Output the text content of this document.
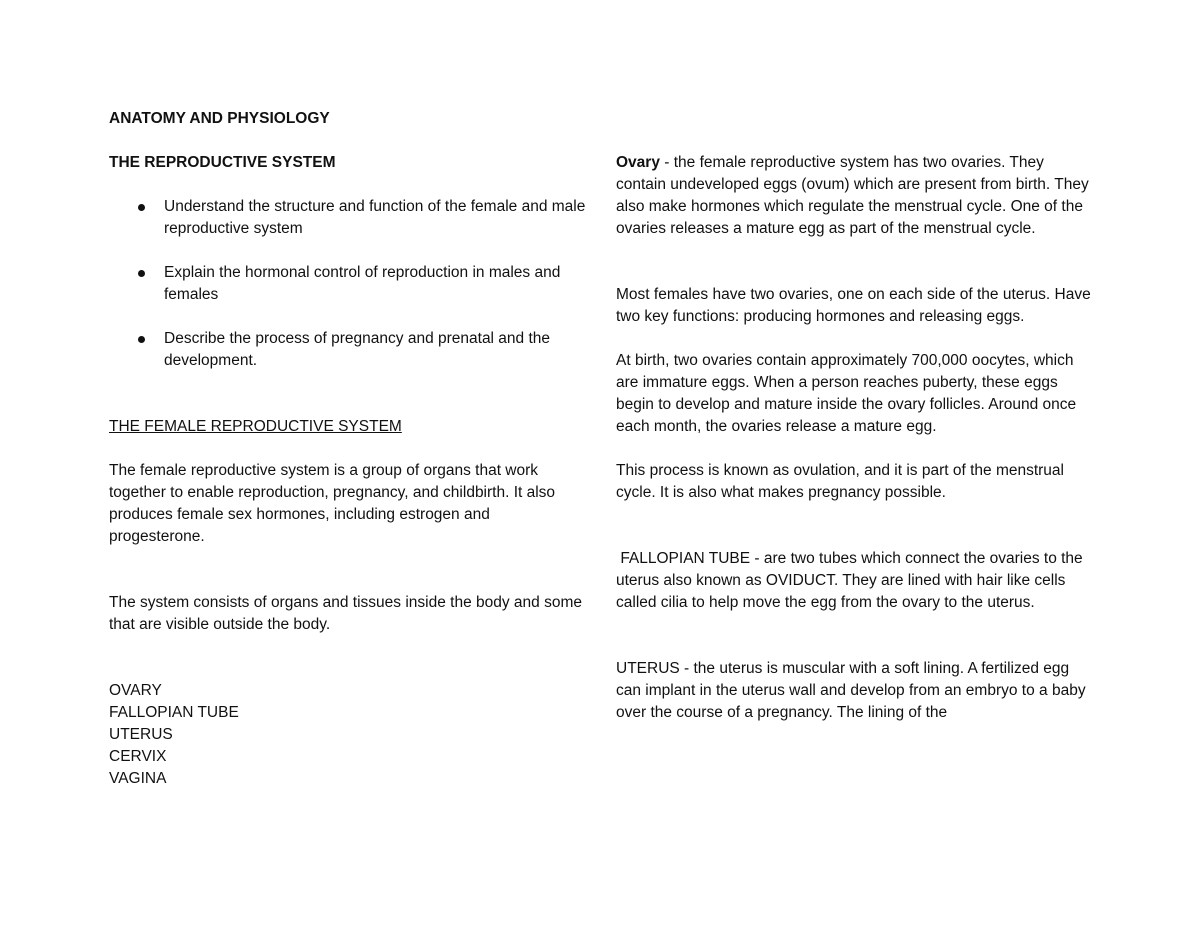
ANATOMY AND PHYSIOLOGY

THE REPRODUCTIVE SYSTEM

Understand the structure and function of the female and male reproductive system
Explain the hormonal control of reproduction in males and females
Describe the process of pregnancy and prenatal and the development.

THE FEMALE REPRODUCTIVE SYSTEM

The female reproductive system is a group of organs that work together to enable reproduction, pregnancy, and childbirth. It also produces female sex hormones, including estrogen and progesterone.

The system consists of organs and tissues inside the body and some that are visible outside the body.

OVARY

FALLOPIAN TUBE

UTERUS

CERVIX

VAGINA

Ovary - the female reproductive system has two ovaries. They contain undeveloped eggs (ovum) which are present from birth. They also make hormones which regulate the menstrual cycle. One of the ovaries releases a mature egg as part of the menstrual cycle.

Most females have two ovaries, one on each side of the uterus. Have two key functions: producing hormones and releasing eggs.

At birth, two ovaries contain approximately 700,000 oocytes, which are immature eggs. When a person reaches puberty, these eggs begin to develop and mature inside the ovary follicles. Around once each month, the ovaries release a mature egg.

This process is known as ovulation, and it is part of the menstrual cycle. It is also what makes pregnancy possible.

FALLOPIAN TUBE - are two tubes which connect the ovaries to the uterus also known as OVIDUCT. They are lined with hair like cells called cilia to help move the egg from the ovary to the uterus.

UTERUS - the uterus is muscular with a soft lining. A fertilized egg can implant in the uterus wall and develop from an embryo to a baby over the course of a pregnancy. The lining of the
